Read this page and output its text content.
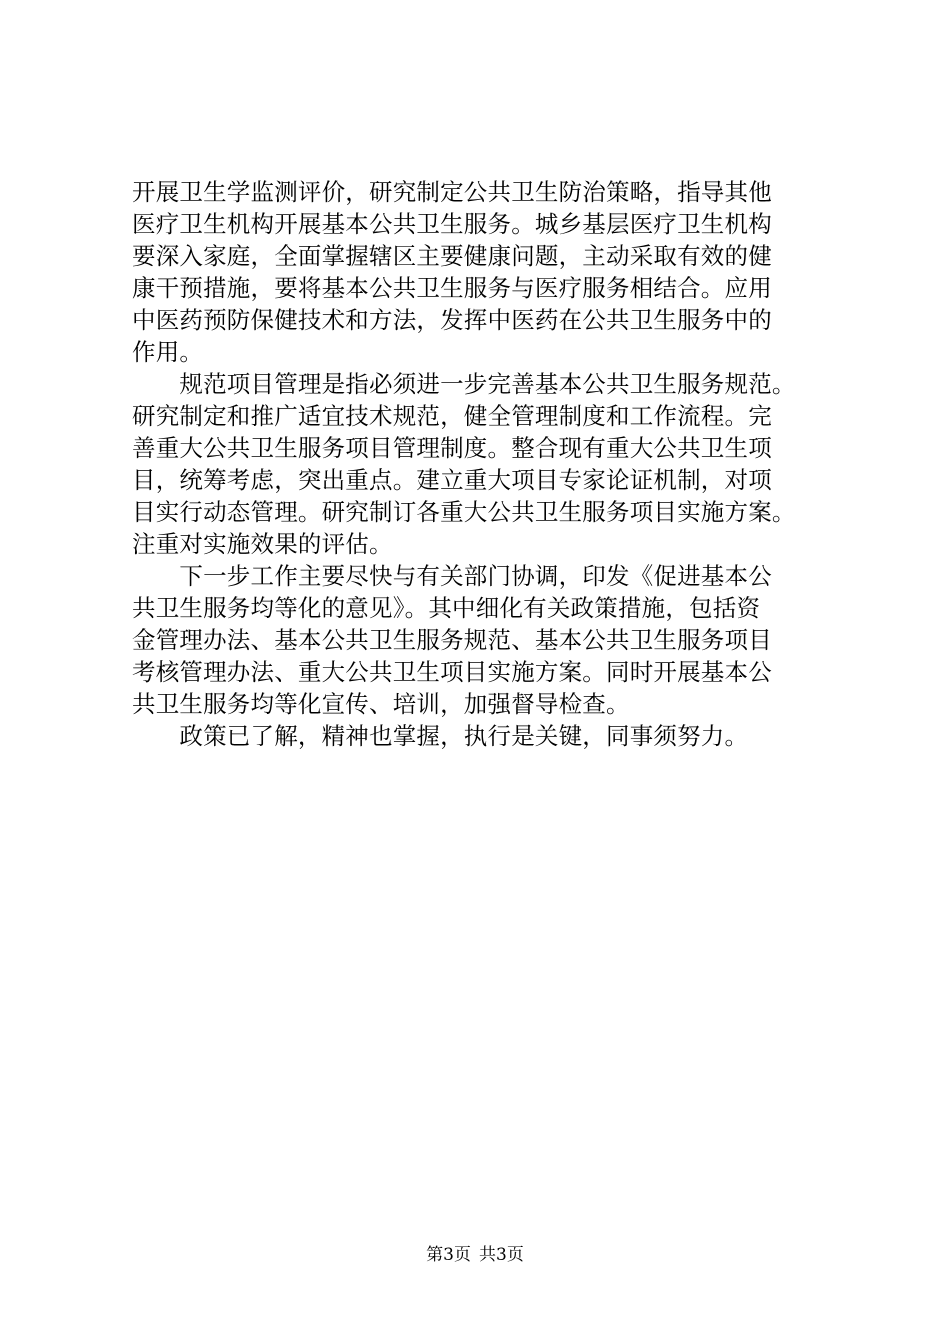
开展卫生学监测评价，研究制定公共卫生防治策略，指导其他
医疗卫生机构开展基本公共卫生服务。城乡基层医疗卫生机构
要深入家庭，全面掌握辖区主要健康问题，主动采取有效的健
康干预措施，要将基本公共卫生服务与医疗服务相结合。应用
中医药预防保健技术和方法，发挥中医药在公共卫生服务中的
作用。
　　规范项目管理是指必须进一步完善基本公共卫生服务规范。
研究制定和推广适宜技术规范，健全管理制度和工作流程。完
善重大公共卫生服务项目管理制度。整合现有重大公共卫生项
目，统筹考虑，突出重点。建立重大项目专家论证机制，对项
目实行动态管理。研究制订各重大公共卫生服务项目实施方案。
注重对实施效果的评估。
　　下一步工作主要尽快与有关部门协调，印发《促进基本公
共卫生服务均等化的意见》。其中细化有关政策措施，包括资
金管理办法、基本公共卫生服务规范、基本公共卫生服务项目
考核管理办法、重大公共卫生项目实施方案。同时开展基本公
共卫生服务均等化宣传、培训，加强督导检查。
　　政策已了解，精神也掌握，执行是关键，同事须努力。
第3页 共3页
